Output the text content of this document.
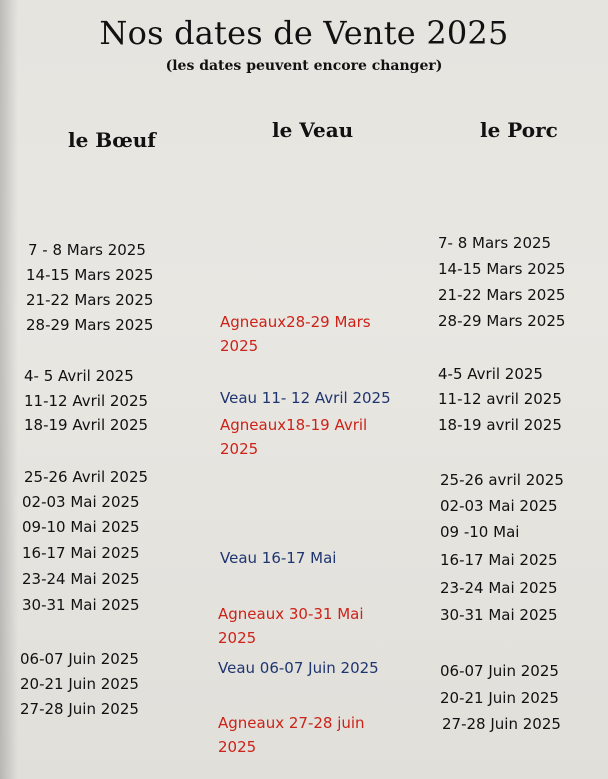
Nos dates de Vente 2025
(les dates peuvent encore changer)
le Bœuf	le Veau	le Porc
7 - 8 Mars 2025
14-15 Mars 2025
21-22 Mars 2025
28-29 Mars 2025
4- 5 Avril 2025
11-12 Avril 2025
18-19 Avril 2025
25-26 Avril 2025
02-03 Mai 2025
09-10 Mai 2025
16-17 Mai 2025
23-24 Mai 2025
30-31 Mai 2025
06-07 Juin 2025
20-21 Juin 2025
27-28 Juin 2025
Agneaux28-29 Mars 2025
Veau 11- 12 Avril 2025
Agneaux18-19 Avril 2025
Veau 16-17 Mai
Agneaux 30-31 Mai 2025
Veau 06-07 Juin 2025
Agneaux 27-28 juin 2025
7- 8 Mars 2025
14-15 Mars 2025
21-22 Mars 2025
28-29 Mars 2025
4-5 Avril 2025
11-12 avril 2025
18-19 avril 2025
25-26 avril 2025
02-03 Mai 2025
09 -10 Mai
16-17 Mai 2025
23-24 Mai 2025
30-31 Mai 2025
06-07 Juin 2025
20-21 Juin 2025
27-28 Juin 2025
